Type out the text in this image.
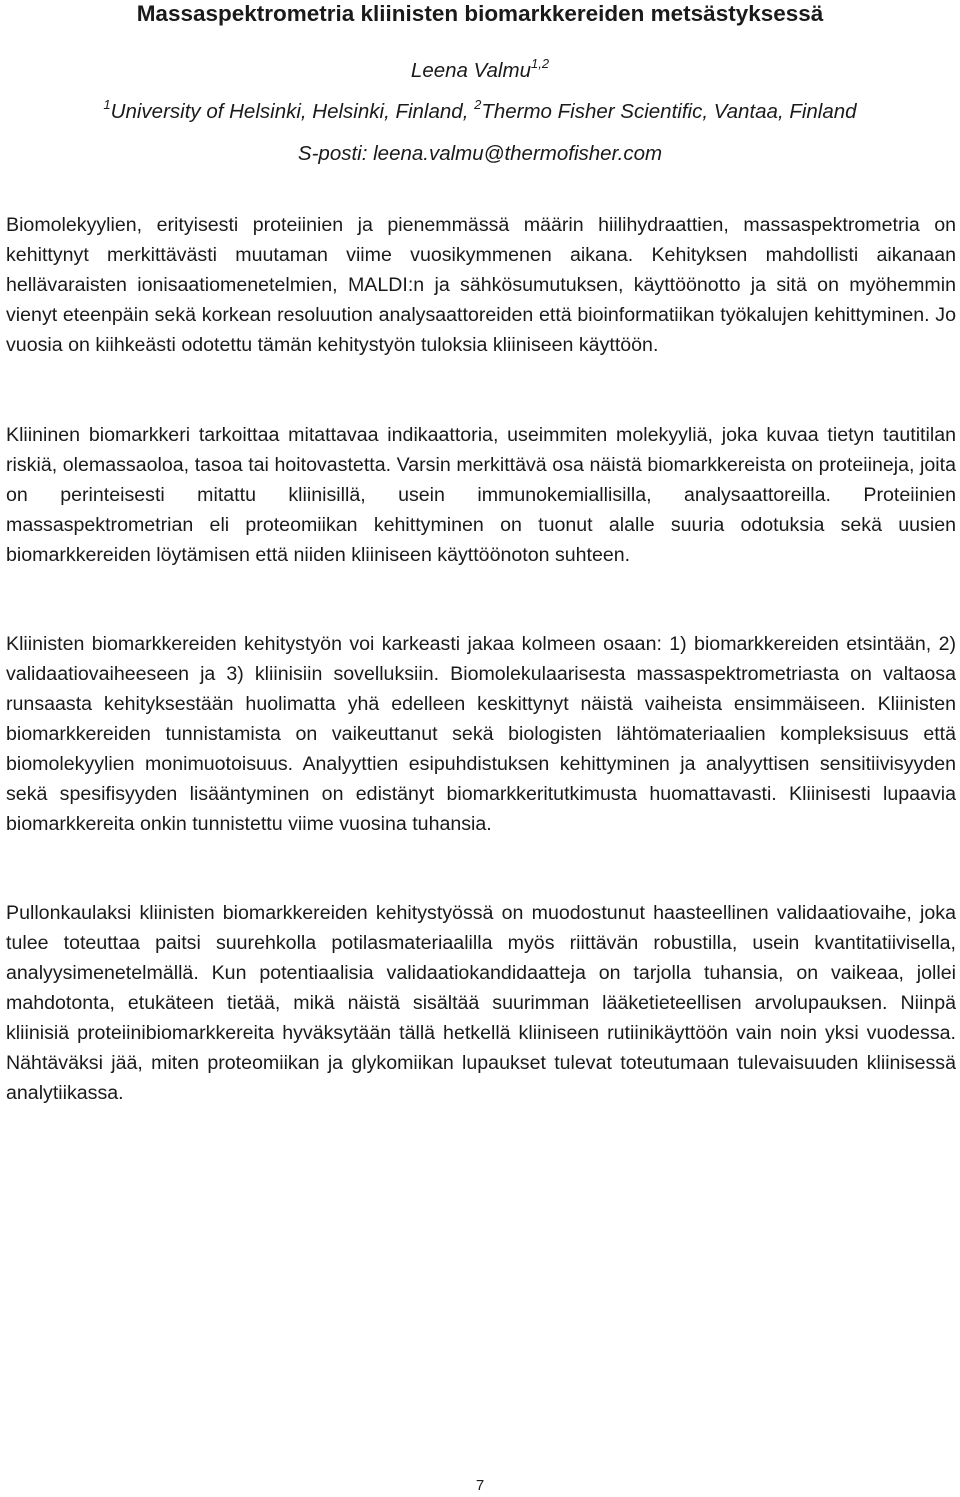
Massaspektrometria kliinisten biomarkkereiden metsästyksessä
Leena Valmu$^{1,2}$
$^1$University of Helsinki, Helsinki, Finland, $^2$Thermo Fisher Scientific, Vantaa, Finland
S-posti: leena.valmu@thermofisher.com

Biomolekyylien, erityisesti proteiinien ja pienemmässä määrin hiilihydraattien, massaspektrometria on kehittynyt merkittävästi muutaman viime vuosikymmenen aikana. Kehityksen mahdollisti aikanaan hellävaraisten ionisaatiomenetelmien, MALDI:n ja sähkösumutuksen, käyttöönotto ja sitä on myöhemmin vienyt eteenpäin sekä korkean resoluution analysaattoreiden että bioinformatiikan työkalujen kehittyminen. Jo vuosia on kiihkeästi odotettu tämän kehitystyön tuloksia kliiniseen käyttöön.

Kliininen biomarkkeri tarkoittaa mitattavaa indikaattoria, useimmiten molekyyliä, joka kuvaa tietyn tautitilan riskiä, olemassaoloa, tasoa tai hoitovastetta. Varsin merkittävä osa näistä biomarkkereista on proteiineja, joita on perinteisesti mitattu kliinisillä, usein immunokemiallisilla, analysaattoreilla. Proteiinien massaspektrometrian eli proteomiikan kehittyminen on tuonut alalle suuria odotuksia sekä uusien biomarkkereiden löytämisen että niiden kliiniseen käyttöönoton suhteen.

Kliinisten biomarkkereiden kehitystyön voi karkeasti jakaa kolmeen osaan: 1) biomarkkereiden etsintään, 2) validaatiovaiheeseen ja 3) kliinisiin sovelluksiin. Biomolekulaarisesta massaspektrometriasta on valtaosa runsaasta kehityksestään huolimatta yhä edelleen keskittynyt näistä vaiheista ensimmäiseen. Kliinisten biomarkkereiden tunnistamista on vaikeuttanut sekä biologisten lähtömateriaalien kompleksisuus että biomolekyylien monimuotoisuus. Analyyttien esipuhdistuksen kehittyminen ja analyyttisen sensitiivisyyden sekä spesifisyyden lisääntyminen on edistänyt biomarkkeritutkimusta huomattavasti. Kliinisesti lupaavia biomarkkereita onkin tunnistettu viime vuosina tuhansia.

Pullonkaulaksi kliinisten biomarkkereiden kehitystyössä on muodostunut haasteellinen validaatiovaihe, joka tulee toteuttaa paitsi suurehkolla potilasmateriaalilla myös riittävän robustilla, usein kvantitatiivisella, analyysimenetelmällä. Kun potentiaalisia validaatiokandidaatteja on tarjolla tuhansia, on vaikeaa, jollei mahdotonta, etukäteen tietää, mikä näistä sisältää suurimman lääketieteellisen arvolupauksen. Niinpä kliinisiä proteiinibiomarkkereita hyväksytään tällä hetkellä kliiniseen rutiinikäyttöön vain noin yksi vuodessa. Nähtäväksi jää, miten proteomiikan ja glykomiikan lupaukset tulevat toteutumaan tulevaisuuden kliinisessä analytiikassa.

7
